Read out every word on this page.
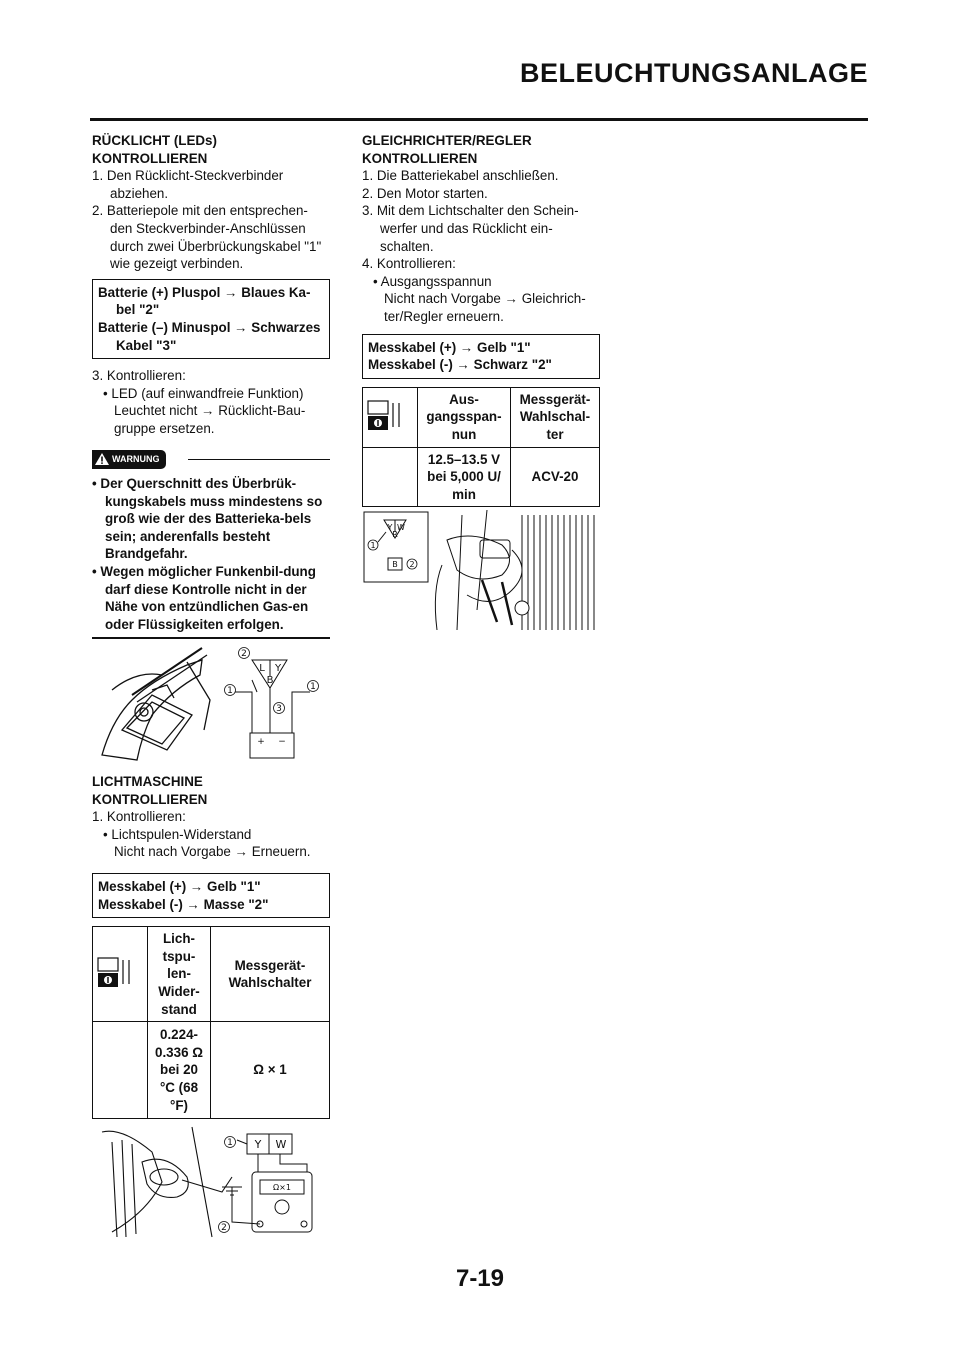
BELEUCHTUNGSANLAGE
RÜCKLICHT (LEDs)
KONTROLLIEREN
1. Den Rücklicht-Steckverbinder abziehen.
2. Batteriepole mit den entsprechen-den Steckverbinder-Anschlüssen durch zwei Überbrückungskabel "1" wie gezeigt verbinden.
Batterie (+) Pluspol → Blaues Ka-bel "2"
Batterie (–) Minuspol → Schwarzes Kabel "3"
3. Kontrollieren:
• LED (auf einwandfreie Funktion)
Leuchtet nicht → Rücklicht-Bau-gruppe ersetzen.
WARNUNG
• Der Querschnitt des Überbrük-kungskabels muss mindestens so groß wie der des Batterieka-bels sein; anderenfalls besteht Brandgefahr.
• Wegen möglicher Funkenbil-dung darf diese Kontrolle nicht in der Nähe von entzündlichen Gas-en oder Flüssigkeiten erfolgen.
2
L Y
B
1	1
3
+ −
LICHTMASCHINE
KONTROLLIEREN
1. Kontrollieren:
• Lichtspulen-Widerstand
Nicht nach Vorgabe → Erneuern.
Messkabel (+) → Gelb "1"
Messkabel (-) → Masse "2"
	Lich-tspu-len-Wider-stand	Messgerät-Wahlschalter
	0.224-0.336 Ω bei 20 °C (68 °F)	Ω × 1
1 Y W
Ω×1
2
GLEICHRICHTER/REGLER
KONTROLLIEREN
1. Die Batteriekabel anschließen.
2. Den Motor starten.
3. Mit dem Lichtschalter den Schein-werfer und das Rücklicht ein-schalten.
4. Kontrollieren:
• Ausgangsspannun
Nicht nach Vorgabe → Gleichrich-ter/Regler erneuern.
Messkabel (+) → Gelb "1"
Messkabel (-) → Schwarz "2"
	Aus-gangsspan-nun	Messgerät-Wahlschal-ter
	12.5–13.5 V bei 5,000 U/ min	ACV-20
Y W
R
1
B 2
7-19
